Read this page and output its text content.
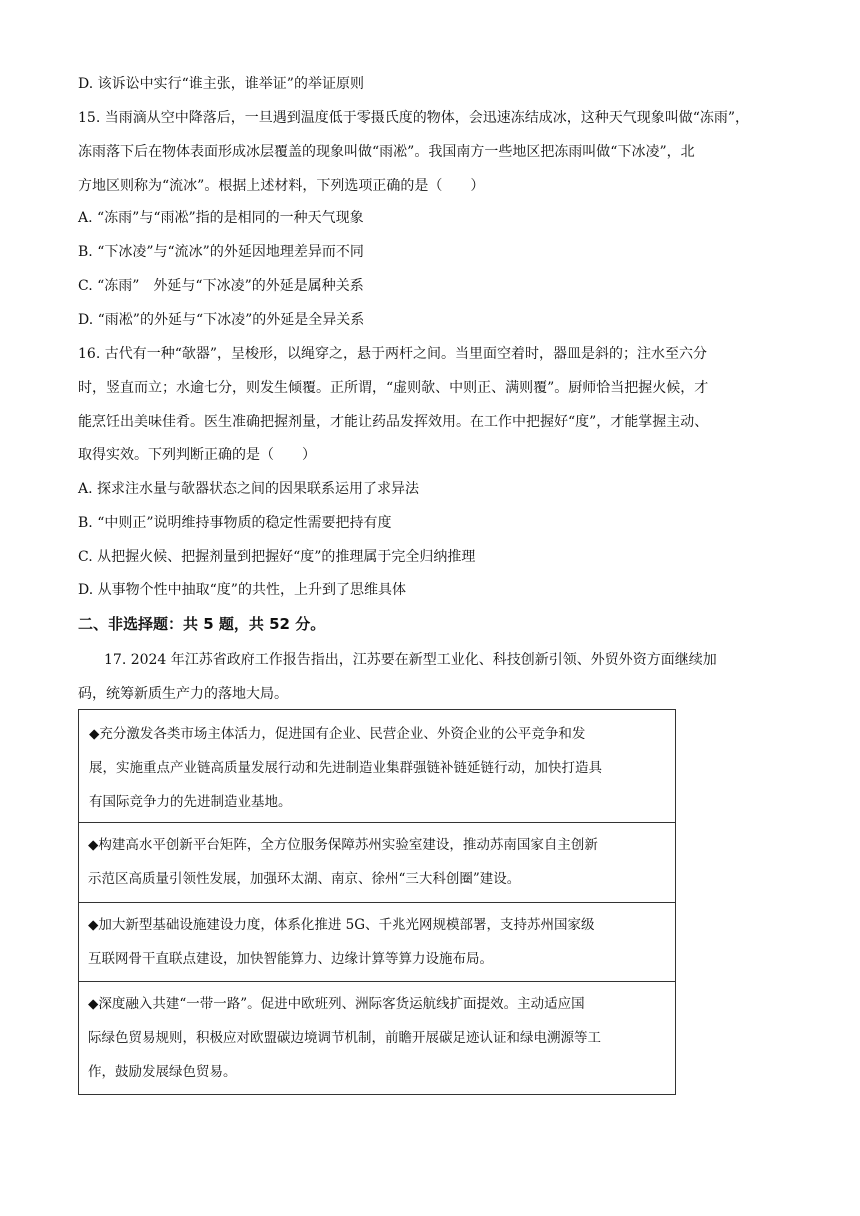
D. 该诉讼中实行“谁主张，谁举证”的举证原则
15. 当雨滴从空中降落后，一旦遇到温度低于零摄氏度的物体，会迅速冻结成冰，这种天气现象叫做“冻雨”，
冻雨落下后在物体表面形成冰层覆盖的现象叫做“雨凇”。我国南方一些地区把冻雨叫做“下冰凌”，北
方地区则称为“流冰”。根据上述材料，下列选项正确的是（　　）
A. “冻雨”与“雨凇”指的是相同的一种天气现象
B. “下冰凌”与“流冰”的外延因地理差异而不同
C. “冻雨”　外延与“下冰凌”的外延是属种关系
D. “雨凇”的外延与“下冰凌”的外延是全异关系
16. 古代有一种“欹器”，呈梭形，以绳穿之，悬于两杆之间。当里面空着时，器皿是斜的；注水至六分
时，竖直而立；水逾七分，则发生倾覆。正所谓，“虚则欹、中则正、满则覆”。厨师恰当把握火候，才
能烹饪出美味佳肴。医生准确把握剂量，才能让药品发挥效用。在工作中把握好“度”，才能掌握主动、
取得实效。下列判断正确的是（　　）
A. 探求注水量与欹器状态之间的因果联系运用了求异法
B. “中则正”说明维持事物质的稳定性需要把持有度
C. 从把握火候、把握剂量到把握好“度”的推理属于完全归纳推理
D. 从事物个性中抽取“度”的共性，上升到了思维具体
二、非选择题：共 5 题，共 52 分。
17. 2024 年江苏省政府工作报告指出，江苏要在新型工业化、科技创新引领、外贸外资方面继续加
码，统筹新质生产力的落地大局。
◆充分激发各类市场主体活力，促进国有企业、民营企业、外资企业的公平竞争和发
展，实施重点产业链高质量发展行动和先进制造业集群强链补链延链行动，加快打造具
有国际竞争力的先进制造业基地。
◆构建高水平创新平台矩阵，全方位服务保障苏州实验室建设，推动苏南国家自主创新
示范区高质量引领性发展，加强环太湖、南京、徐州“三大科创圈”建设。
◆加大新型基础设施建设力度，体系化推进 5G、千兆光网规模部署，支持苏州国家级
互联网骨干直联点建设，加快智能算力、边缘计算等算力设施布局。
◆深度融入共建“一带一路”。促进中欧班列、洲际客货运航线扩面提效。主动适应国
际绿色贸易规则，积极应对欧盟碳边境调节机制，前瞻开展碳足迹认证和绿电溯源等工
作，鼓励发展绿色贸易。
